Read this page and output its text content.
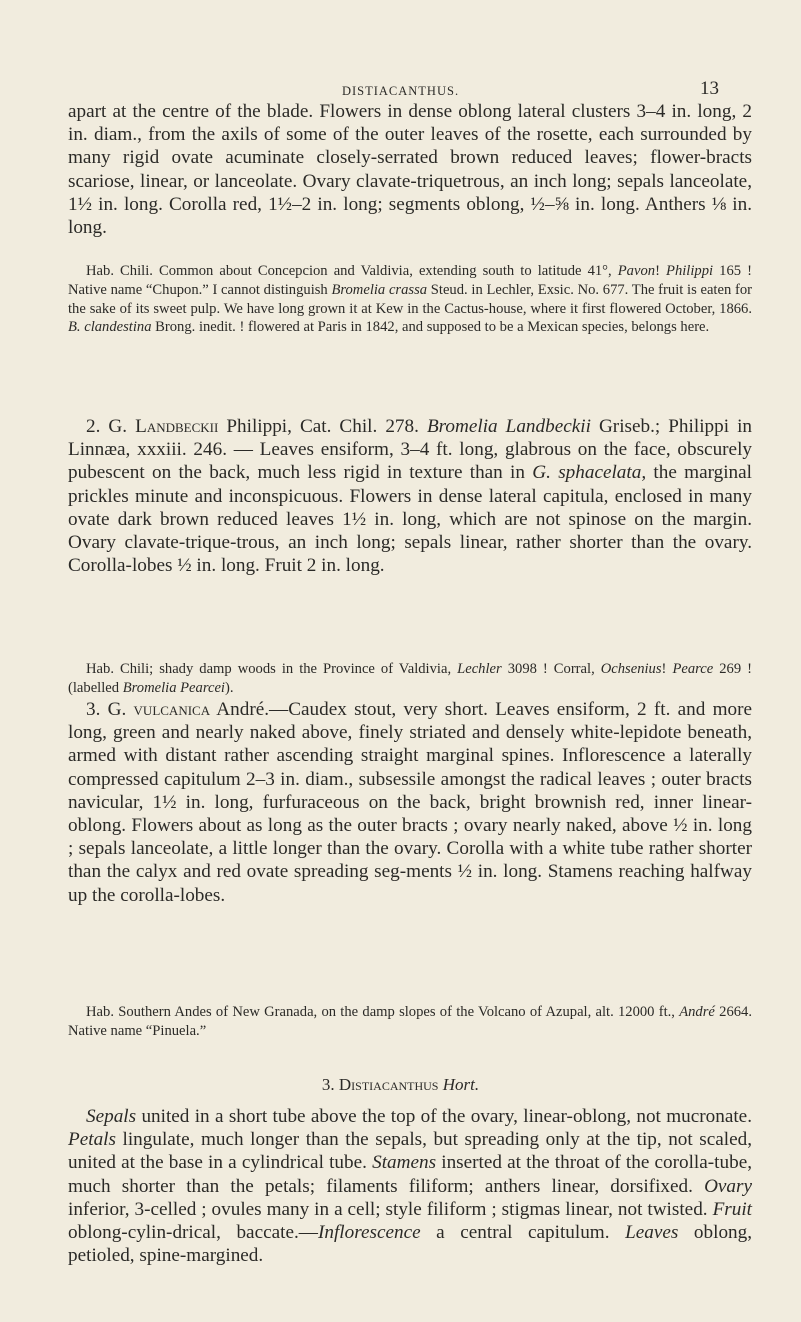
DISTIACANTHUS.	13

apart at the centre of the blade. Flowers in dense oblong lateral clusters 3–4 in. long, 2 in. diam., from the axils of some of the outer leaves of the rosette, each surrounded by many rigid ovate acuminate closely-serrated brown reduced leaves; flower-bracts scariose, linear, or lanceolate. Ovary clavate-triquetrous, an inch long; sepals lanceolate, 1½ in. long. Corolla red, 1½–2 in. long; segments oblong, ½–⅝ in. long. Anthers ⅛ in. long.

Hab. Chili. Common about Concepcion and Valdivia, extending south to latitude 41°, Pavon! Philippi 165 ! Native name “Chupon.” I cannot distinguish Bromelia crassa Steud. in Lechler, Exsic. No. 677. The fruit is eaten for the sake of its sweet pulp. We have long grown it at Kew in the Cactus-house, where it first flowered October, 1866. B. clandestina Brong. inedit. ! flowered at Paris in 1842, and supposed to be a Mexican species, belongs here.

2. G. Landbeckii Philippi, Cat. Chil. 278. Bromelia Landbeckii Griseb.; Philippi in Linnæa, xxxiii. 246. — Leaves ensiform, 3–4 ft. long, glabrous on the face, obscurely pubescent on the back, much less rigid in texture than in G. sphacelata, the marginal prickles minute and inconspicuous. Flowers in dense lateral capitula, enclosed in many ovate dark brown reduced leaves 1½ in. long, which are not spinose on the margin. Ovary clavate-trique-trous, an inch long; sepals linear, rather shorter than the ovary. Corolla-lobes ½ in. long. Fruit 2 in. long.

Hab. Chili; shady damp woods in the Province of Valdivia, Lechler 3098 ! Corral, Ochsenius! Pearce 269 ! (labelled Bromelia Pearcei).

3. G. vulcanica André.—Caudex stout, very short. Leaves ensiform, 2 ft. and more long, green and nearly naked above, finely striated and densely white-lepidote beneath, armed with distant rather ascending straight marginal spines. Inflorescence a laterally compressed capitulum 2–3 in. diam., subsessile amongst the radical leaves ; outer bracts navicular, 1½ in. long, furfuraceous on the back, bright brownish red, inner linear-oblong. Flowers about as long as the outer bracts ; ovary nearly naked, above ½ in. long ; sepals lanceolate, a little longer than the ovary. Corolla with a white tube rather shorter than the calyx and red ovate spreading seg-ments ½ in. long. Stamens reaching halfway up the corolla-lobes.

Hab. Southern Andes of New Granada, on the damp slopes of the Volcano of Azupal, alt. 12000 ft., André 2664. Native name “Pinuela.”

3. Distiacanthus Hort.

Sepals united in a short tube above the top of the ovary, linear-oblong, not mucronate. Petals lingulate, much longer than the sepals, but spreading only at the tip, not scaled, united at the base in a cylindrical tube. Stamens inserted at the throat of the corolla-tube, much shorter than the petals; filaments filiform; anthers linear, dorsifixed. Ovary inferior, 3-celled ; ovules many in a cell; style filiform ; stigmas linear, not twisted. Fruit oblong-cylin-drical, baccate.—Inflorescence a central capitulum. Leaves oblong, petioled, spine-margined.
